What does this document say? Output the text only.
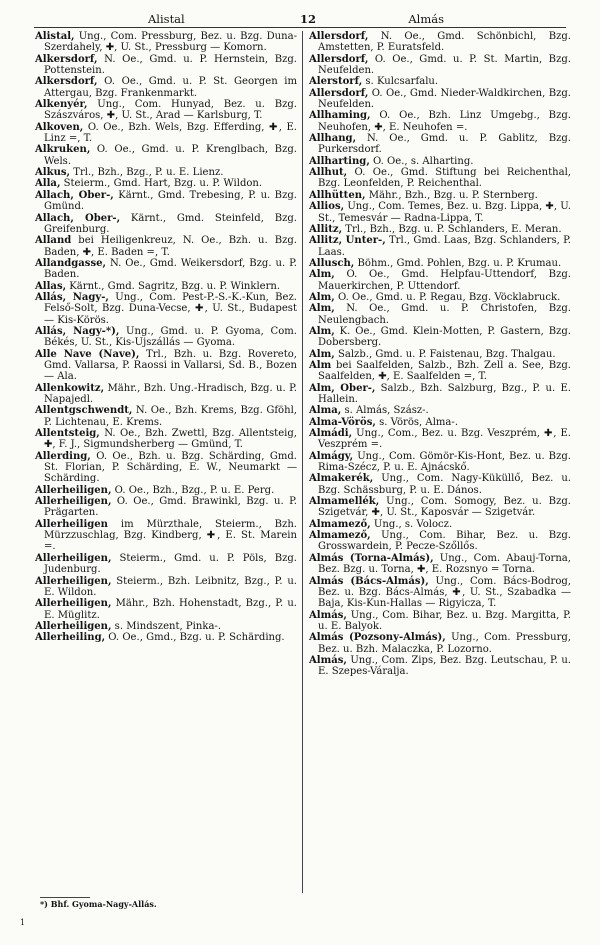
Alistal	12	Almás

Alistal, Ung., Com. Pressburg, Bez. u. Bzg. Duna-Szerdahely, ✚, U. St., Pressburg — Komorn.

Alkersdorf, N. Oe., Gmd. u. P. Hernstein, Bzg. Pottenstein.

Alkersdorf, O. Oe., Gmd. u. P. St. Georgen im Attergau, Bzg. Frankenmarkt.

Alkenyér, Ung., Com. Hunyad, Bez. u. Bzg. Szászváros, ✚, U. St., Arad — Karlsburg, T.

Alkoven, O. Oe., Bzh. Wels, Bzg. Efferding, ✚, E. Linz =, T.

Alkruken, O. Oe., Gmd. u. P. Krenglbach, Bzg. Wels.

Alkus, Trl., Bzh., Bzg., P. u. E. Lienz.

Alla, Steierm., Gmd. Hart, Bzg. u. P. Wildon.

Allach, Ober-, Kärnt., Gmd. Trebesing, P. u. Bzg. Gmünd.

Allach, Ober-, Kärnt., Gmd. Steinfeld, Bzg. Greifenburg.

Alland bei Heiligenkreuz, N. Oe., Bzh. u. Bzg. Baden, ✚, E. Baden =, T.

Allandgasse, N. Oe., Gmd. Weikersdorf, Bzg. u. P. Baden.

Allas, Kärnt., Gmd. Sagritz, Bzg. u. P. Winklern.

Allás, Nagy-, Ung., Com. Pest-P.-S.-K.-Kun, Bez. Felső-Solt, Bzg. Duna-Vecse, ✚, U. St., Budapest — Kis-Körös.

Allás, Nagy-*), Ung., Gmd. u. P. Gyoma, Com. Békés, U. St., Kis-Ujszállás — Gyoma.

Alle Nave (Nave), Trl., Bzh. u. Bzg. Rovereto, Gmd. Vallarsa, P. Raossi in Vallarsi, Sd. B., Bozen — Ala.

Allenkowitz, Mähr., Bzh. Ung.-Hradisch, Bzg. u. P. Napajedl.

Allentgschwendt, N. Oe., Bzh. Krems, Bzg. Gföhl, P. Lichtenau, E. Krems.

Allentsteig, N. Oe., Bzh. Zwettl, Bzg. Allentsteig, ✚, F. J., Sigmundsherberg — Gmünd, T.

Allerding, O. Oe., Bzh. u. Bzg. Schärding, Gmd. St. Florian, P. Schärding, E. W., Neumarkt — Schärding.

Allerheiligen, O. Oe., Bzh., Bzg., P. u. E. Perg.

Allerheiligen, O. Oe., Gmd. Brawinkl, Bzg. u. P. Prägarten.

Allerheiligen im Mürzthale, Steierm., Bzh. Mürzzuschlag, Bzg. Kindberg, ✚, E. St. Marein =.

Allerheiligen, Steierm., Gmd. u. P. Pöls, Bzg. Judenburg.

Allerheiligen, Steierm., Bzh. Leibnitz, Bzg., P. u. E. Wildon.

Allerheiligen, Mähr., Bzh. Hohenstadt, Bzg., P. u. E. Müglitz.

Allerheiligen, s. Mindszent, Pinka-.

Allerheiling, O. Oe., Gmd., Bzg. u. P. Schärding.

Allersdorf, N. Oe., Gmd. Schönbichl, Bzg. Amstetten, P. Euratsfeld.

Allersdorf, O. Oe., Gmd. u. P. St. Martin, Bzg. Neufelden.

Alerstorf, s. Kulcsarfalu.

Allersdorf, O. Oe., Gmd. Nieder-Waldkirchen, Bzg. Neufelden.

Allhaming, O. Oe., Bzh. Linz Umgebg., Bzg. Neuhofen, ✚, E. Neuhofen =.

Allhang, N. Oe., Gmd. u. P. Gablitz, Bzg. Purkersdorf.

Allharting, O. Oe., s. Alharting.

Allhut, O. Oe., Gmd. Stiftung bei Reichenthal, Bzg. Leonfelden, P. Reichenthal.

Allhütten, Mähr., Bzh., Bzg. u. P. Sternberg.

Allios, Ung., Com. Temes, Bez. u. Bzg. Lippa, ✚, U. St., Temesvár — Radna-Lippa, T.

Allitz, Trl., Bzh., Bzg. u. P. Schlanders, E. Meran.

Allitz, Unter-, Trl., Gmd. Laas, Bzg. Schlanders, P. Laas.

Allusch, Böhm., Gmd. Pohlen, Bzg. u. P. Krumau.

Alm, O. Oe., Gmd. Helpfau-Uttendorf, Bzg. Mauerkirchen, P. Uttendorf.

Alm, O. Oe., Gmd. u. P. Regau, Bzg. Vöcklabruck.

Alm, N. Oe., Gmd. u. P. Christofen, Bzg. Neulengbach.

Alm, K. Oe., Gmd. Klein-Motten, P. Gastern, Bzg. Dobersberg.

Alm, Salzb., Gmd. u. P. Faistenau, Bzg. Thalgau.

Alm bei Saalfelden, Salzb., Bzh. Zell a. See, Bzg. Saalfelden, ✚, E. Saalfelden =, T.

Alm, Ober-, Salzb., Bzh. Salzburg, Bzg., P. u. E. Hallein.

Alma, s. Almás, Szász-.

Alma-Vörös, s. Vörös, Alma-.

Almádi, Ung., Com., Bez. u. Bzg. Veszprém, ✚, E. Veszprém =.

Almágy, Ung., Com. Gömör-Kis-Hont, Bez. u. Bzg. Rima-Szécz, P. u. E. Ajnácskő.

Almakerék, Ung., Com. Nagy-Küküllő, Bez. u. Bzg. Schässburg, P. u. E. Dános.

Almamellék, Ung., Com. Somogy, Bez. u. Bzg. Szigetvár, ✚, U. St., Kaposvár — Szigetvár.

Almamező, Ung., s. Volocz.

Almamező, Ung., Com. Bihar, Bez. u. Bzg. Grosswardein, P. Pecze-Szőllős.

Almás (Torna-Almás), Ung., Com. Abauj-Torna, Bez. Bzg. u. Torna, ✚, E. Rozsnyo = Torna.

Almás (Bács-Almás), Ung., Com. Bács-Bodrog, Bez. u. Bzg. Bács-Almás, ✚, U. St., Szabadka — Baja, Kis-Kun-Hallas — Rigyicza, T.

Almás, Ung., Com. Bihar, Bez. u. Bzg. Margitta, P. u. E. Balyok.

Almás (Pozsony-Almás), Ung., Com. Pressburg, Bez. u. Bzh. Malaczka, P. Lozorno.

Almás, Ung., Com. Zips, Bez. Bzg. Leutschau, P. u. E. Szepes-Váralja.

*) Bhf. Gyoma-Nagy-Allás.
1
